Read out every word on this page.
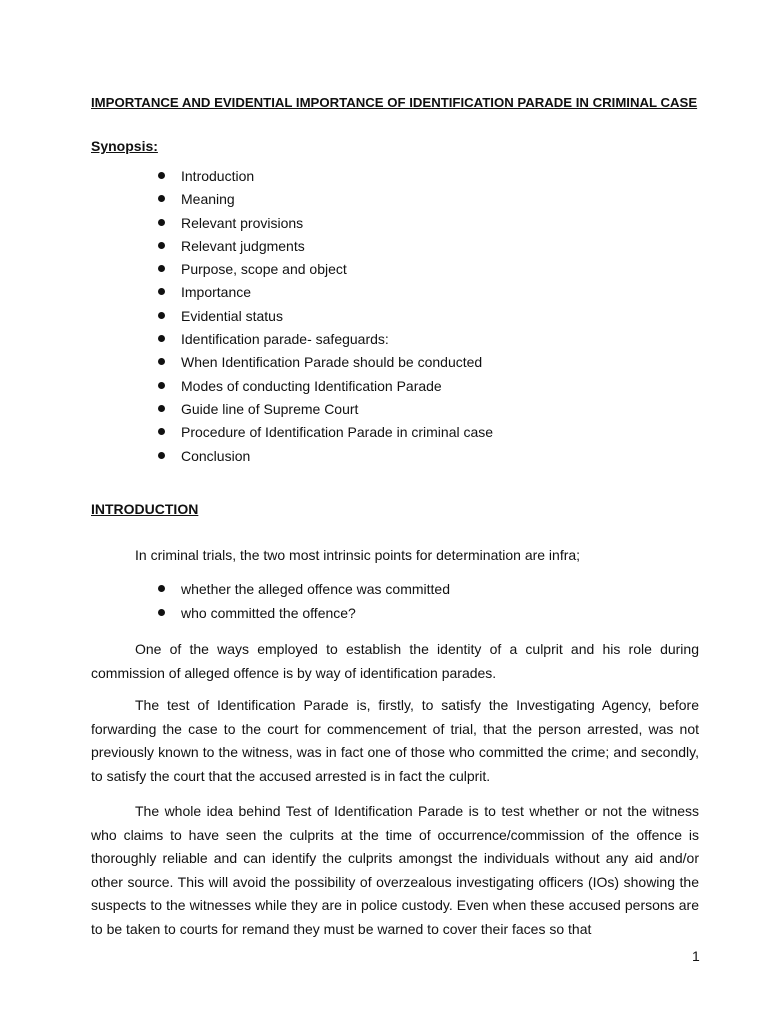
IMPORTANCE AND EVIDENTIAL IMPORTANCE OF IDENTIFICATION PARADE IN CRIMINAL CASE
Synopsis:
Introduction
Meaning
Relevant provisions
Relevant judgments
Purpose, scope and object
Importance
Evidential status
Identification parade- safeguards:
When Identification Parade should be conducted
Modes of conducting Identification Parade
Guide line of Supreme Court
Procedure of Identification Parade in criminal case
Conclusion
INTRODUCTION

In criminal trials, the two most intrinsic points for determination are infra;

whether the alleged offence was committed
who committed the offence?

One of the ways employed to establish the identity of a culprit and his role during commission of alleged offence is by way of identification parades.

The test of Identification Parade is, firstly, to satisfy the Investigating Agency, before forwarding the case to the court for commencement of trial, that the person arrested, was not previously known to the witness, was in fact one of those who committed the crime; and secondly, to satisfy the court that the accused arrested is in fact the culprit.

The whole idea behind Test of Identification Parade is to test whether or not the witness who claims to have seen the culprits at the time of occurrence/commission of the offence is thoroughly reliable and can identify the culprits amongst the individuals without any aid and/or other source. This will avoid the possibility of overzealous investigating officers (IOs) showing the suspects to the witnesses while they are in police custody. Even when these accused persons are to be taken to courts for remand they must be warned to cover their faces so that

1
